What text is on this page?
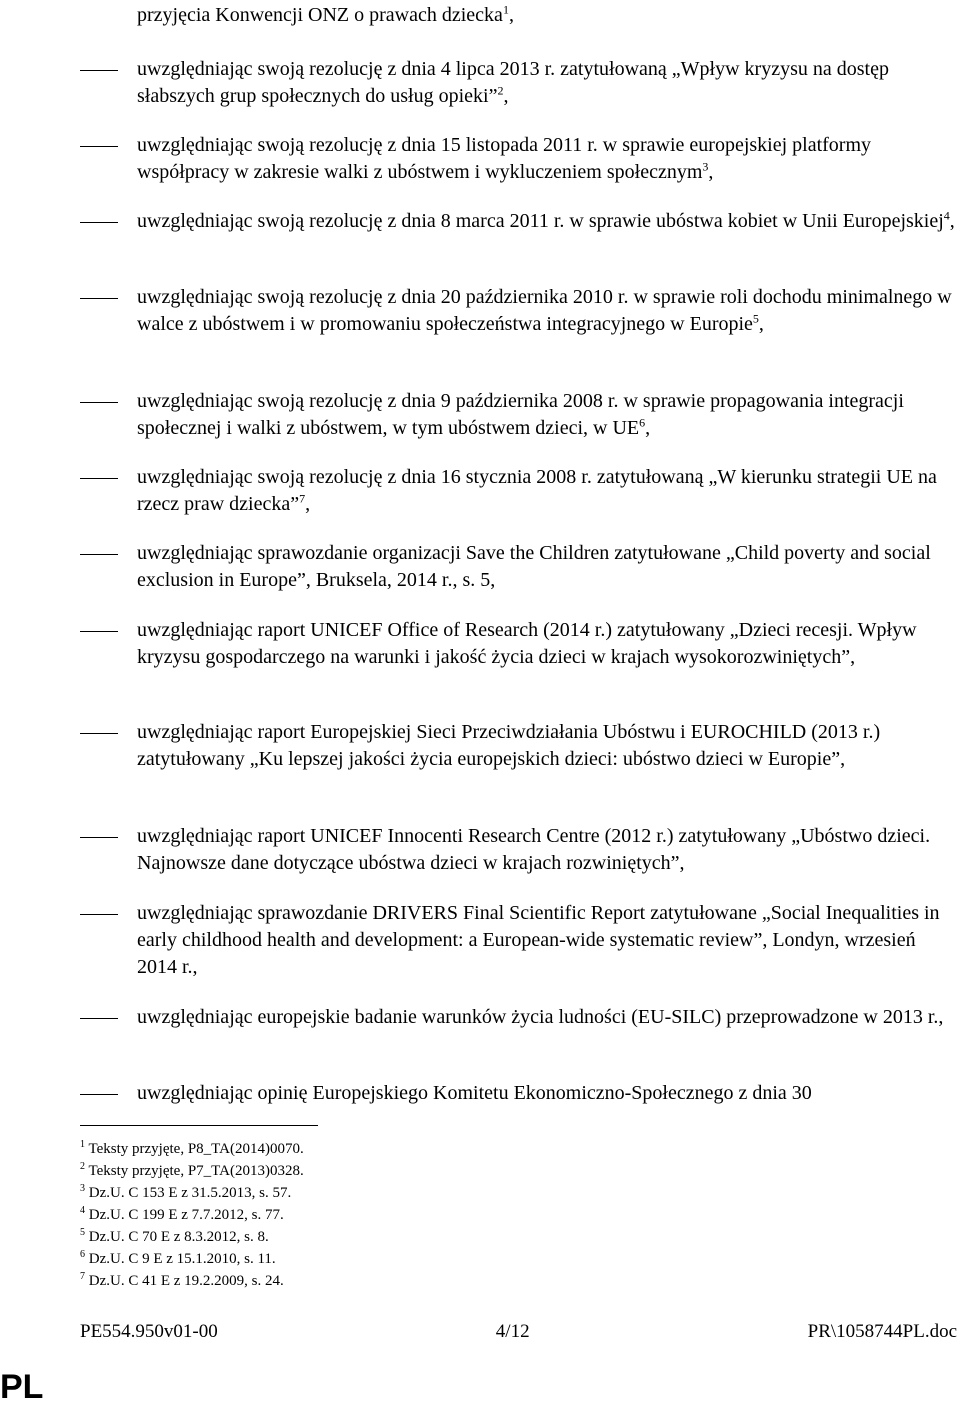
przyjęcia Konwencji ONZ o prawach dziecka$^1$,
uwzględniając swoją rezolucję z dnia 4 lipca 2013 r. zatytułowaną „Wpływ kryzysu na dostęp słabszych grup społecznych do usług opieki”$^2$,
uwzględniając swoją rezolucję z dnia 15 listopada 2011 r. w sprawie europejskiej platformy współpracy w zakresie walki z ubóstwem i wykluczeniem społecznym$^3$,
uwzględniając swoją rezolucję z dnia 8 marca 2011 r. w sprawie ubóstwa kobiet w Unii Europejskiej$^4$,
uwzględniając swoją rezolucję z dnia 20 października 2010 r. w sprawie roli dochodu minimalnego w walce z ubóstwem i w promowaniu społeczeństwa integracyjnego w Europie$^5$,
uwzględniając swoją rezolucję z dnia 9 października 2008 r. w sprawie propagowania integracji społecznej i walki z ubóstwem, w tym ubóstwem dzieci, w $UE^6$,
uwzględniając swoją rezolucję z dnia 16 stycznia 2008 r. zatytułowaną „W kierunku strategii UE na rzecz praw dziecka”$^7$,
uwzględniając sprawozdanie organizacji Save the Children zatytułowane „Child poverty and social exclusion in Europe”, Bruksela, 2014 r., s. 5,
uwzględniając raport UNICEF Office of Research (2014 r.) zatytułowany „Dzieci recesji. Wpływ kryzysu gospodarczego na warunki i jakość życia dzieci w krajach wysokorozwiniętych”,
uwzględniając raport Europejskiej Sieci Przeciwdziałania Ubóstwu i EUROCHILD (2013 r.) zatytułowany „Ku lepszej jakości życia europejskich dzieci: ubóstwo dzieci w Europie”,
uwzględniając raport UNICEF Innocenti Research Centre (2012 r.) zatytułowany „Ubóstwo dzieci. Najnowsze dane dotyczące ubóstwa dzieci w krajach rozwiniętych”,
uwzględniając sprawozdanie DRIVERS Final Scientific Report zatytułowane „Social Inequalities in early childhood health and development: a European-wide systematic review”, Londyn, wrzesień 2014 r.,
uwzględniając europejskie badanie warunków życia ludności (EU-SILC) przeprowadzone w 2013 r.,
uwzględniając opinię Europejskiego Komitetu Ekonomiczno-Społecznego z dnia 30
$^1$ Teksty przyjęte, P8_TA(2014)0070.
$^2$ Teksty przyjęte, P7_TA(2013)0328.
$^3$ Dz.U. C 153 E z 31.5.2013, s. 57.
$^4$ Dz.U. C 199 E z 7.7.2012, s. 77.
$^5$ Dz.U. C 70 E z 8.3.2012, s. 8.
$^6$ Dz.U. C 9 E z 15.1.2010, s. 11.
$^7$ Dz.U. C 41 E z 19.2.2009, s. 24.
PE554.950v01-00	4/12	PR\1058744PL.doc
PL
